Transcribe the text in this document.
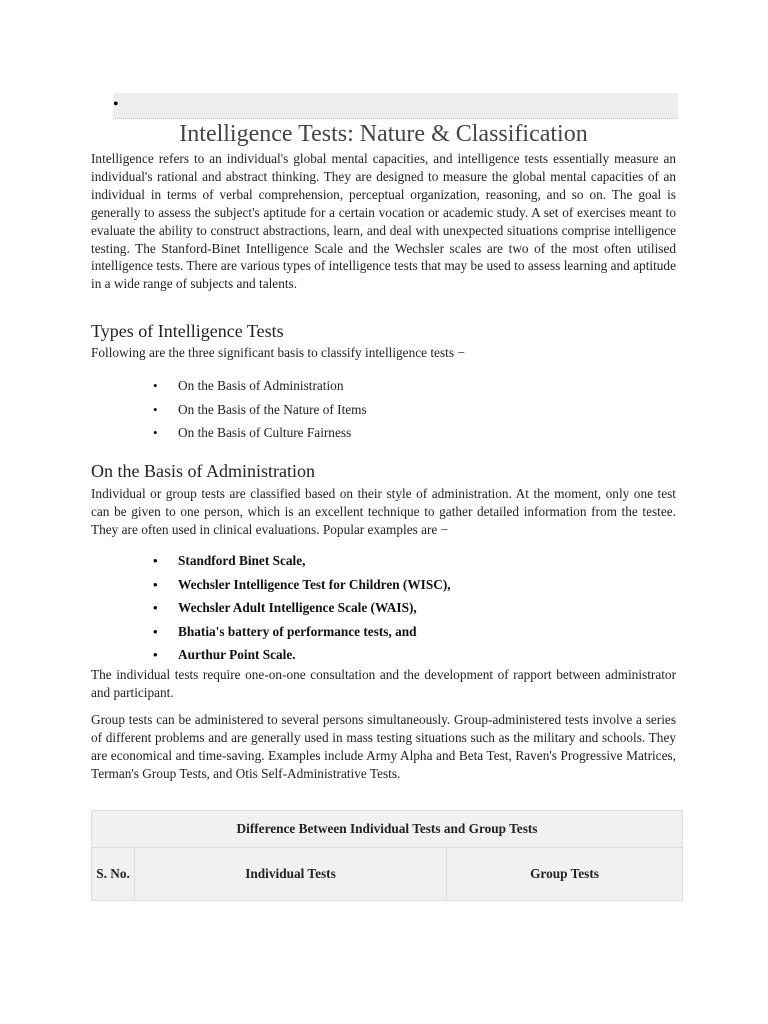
•
Intelligence Tests: Nature & Classification

Intelligence refers to an individual's global mental capacities, and intelligence tests essentially measure an individual's rational and abstract thinking. They are designed to measure the global mental capacities of an individual in terms of verbal comprehension, perceptual organization, reasoning, and so on. The goal is generally to assess the subject's aptitude for a certain vocation or academic study. A set of exercises meant to evaluate the ability to construct abstractions, learn, and deal with unexpected situations comprise intelligence testing. The Stanford-Binet Intelligence Scale and the Wechsler scales are two of the most often utilised intelligence tests. There are various types of intelligence tests that may be used to assess learning and aptitude in a wide range of subjects and talents.

Types of Intelligence Tests

Following are the three significant basis to classify intelligence tests −

• On the Basis of Administration
• On the Basis of the Nature of Items
• On the Basis of Culture Fairness
On the Basis of Administration

Individual or group tests are classified based on their style of administration. At the moment, only one test can be given to one person, which is an excellent technique to gather detailed information from the testee. They are often used in clinical evaluations. Popular examples are −

• Standford Binet Scale,
• Wechsler Intelligence Test for Children (WISC),
• Wechsler Adult Intelligence Scale (WAIS),
• Bhatia's battery of performance tests, and
• Aurthur Point Scale.

The individual tests require one-on-one consultation and the development of rapport between administrator and participant.

Group tests can be administered to several persons simultaneously. Group-administered tests involve a series of different problems and are generally used in mass testing situations such as the military and schools. They are economical and time-saving. Examples include Army Alpha and Beta Test, Raven's Progressive Matrices, Terman's Group Tests, and Otis Self-Administrative Tests.

Difference Between Individual Tests and Group Tests
S. No.	Individual Tests	Group Tests
